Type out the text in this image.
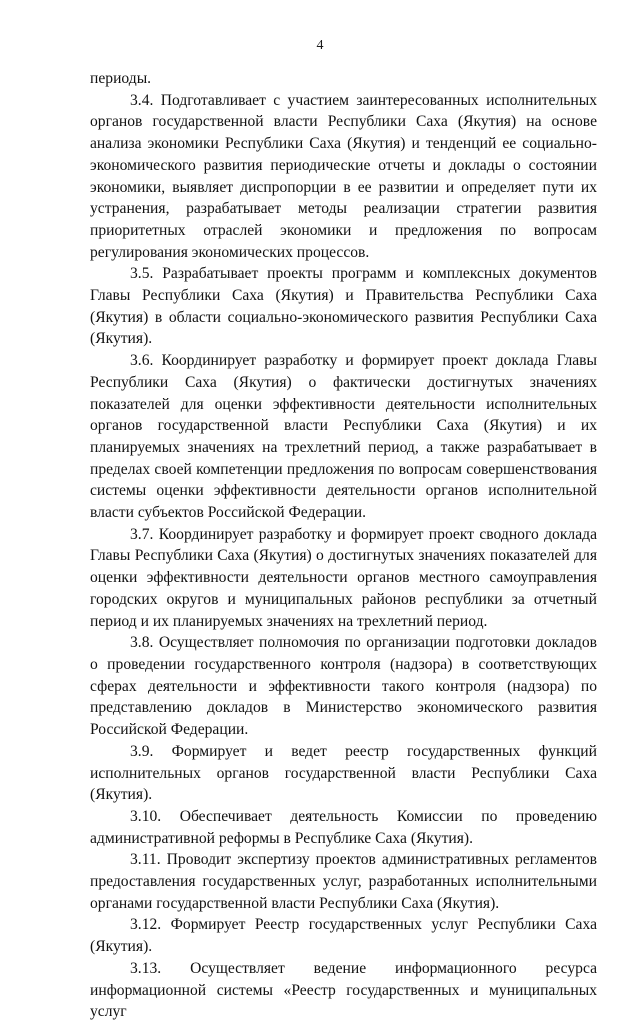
4

периоды.

3.4. Подготавливает с участием заинтересованных исполнительных органов государственной власти Республики Саха (Якутия) на основе анализа экономики Республики Саха (Якутия) и тенденций ее социально-экономического развития периодические отчеты и доклады о состоянии экономики, выявляет диспропорции в ее развитии и определяет пути их устранения, разрабатывает методы реализации стратегии развития приоритетных отраслей экономики и предложения по вопросам регулирования экономических процессов.

3.5. Разрабатывает проекты программ и комплексных документов Главы Республики Саха (Якутия) и Правительства Республики Саха (Якутия) в области социально-экономического развития Республики Саха (Якутия).

3.6. Координирует разработку и формирует проект доклада Главы Республики Саха (Якутия) о фактически достигнутых значениях показателей для оценки эффективности деятельности исполнительных органов государственной власти Республики Саха (Якутия) и их планируемых значениях на трехлетний период, а также разрабатывает в пределах своей компетенции предложения по вопросам совершенствования системы оценки эффективности деятельности органов исполнительной власти субъектов Российской Федерации.

3.7. Координирует разработку и формирует проект сводного доклада Главы Республики Саха (Якутия) о достигнутых значениях показателей для оценки эффективности деятельности органов местного самоуправления городских округов и муниципальных районов республики за отчетный период и их планируемых значениях на трехлетний период.

3.8. Осуществляет полномочия по организации подготовки докладов о проведении государственного контроля (надзора) в соответствующих сферах деятельности и эффективности такого контроля (надзора) по представлению докладов в Министерство экономического развития Российской Федерации.

3.9. Формирует и ведет реестр государственных функций исполнительных органов государственной власти Республики Саха (Якутия).

3.10. Обеспечивает деятельность Комиссии по проведению административной реформы в Республике Саха (Якутия).

3.11. Проводит экспертизу проектов административных регламентов предоставления государственных услуг, разработанных исполнительными органами государственной власти Республики Саха (Якутия).

3.12. Формирует Реестр государственных услуг Республики Саха (Якутия).

3.13. Осуществляет ведение информационного ресурса информационной системы «Реестр государственных и муниципальных услуг
